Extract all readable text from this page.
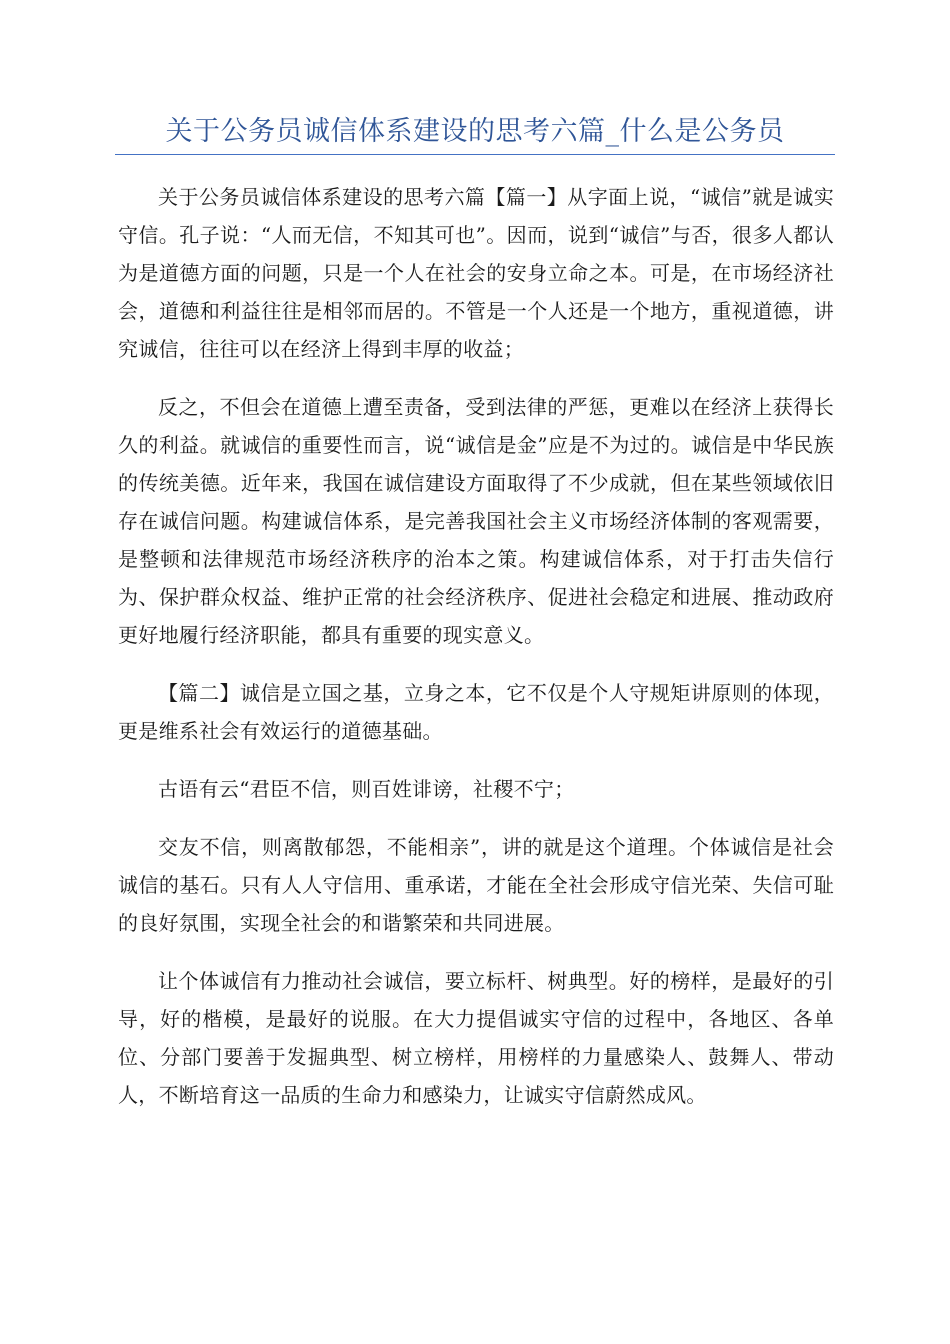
关于公务员诚信体系建设的思考六篇_什么是公务员

关于公务员诚信体系建设的思考六篇【篇一】从字面上说，“诚信”就是诚实守信。孔子说：“人而无信，不知其可也”。因而，说到“诚信”与否，很多人都认为是道德方面的问题，只是一个人在社会的安身立命之本。可是，在市场经济社会，道德和利益往往是相邻而居的。不管是一个人还是一个地方，重视道德，讲究诚信，往往可以在经济上得到丰厚的收益；

反之，不但会在道德上遭至责备，受到法律的严惩，更难以在经济上获得长久的利益。就诚信的重要性而言，说“诚信是金”应是不为过的。诚信是中华民族的传统美德。近年来，我国在诚信建设方面取得了不少成就，但在某些领域依旧存在诚信问题。构建诚信体系，是完善我国社会主义市场经济体制的客观需要，是整顿和法律规范市场经济秩序的治本之策。构建诚信体系，对于打击失信行为、保护群众权益、维护正常的社会经济秩序、促进社会稳定和进展、推动政府更好地履行经济职能，都具有重要的现实意义。

【篇二】诚信是立国之基，立身之本，它不仅是个人守规矩讲原则的体现，更是维系社会有效运行的道德基础。

古语有云“君臣不信，则百姓诽谤，社稷不宁；

交友不信，则离散郁怨，不能相亲”，讲的就是这个道理。个体诚信是社会诚信的基石。只有人人守信用、重承诺，才能在全社会形成守信光荣、失信可耻的良好氛围，实现全社会的和谐繁荣和共同进展。

让个体诚信有力推动社会诚信，要立标杆、树典型。好的榜样，是最好的引导，好的楷模，是最好的说服。在大力提倡诚实守信的过程中，各地区、各单位、分部门要善于发掘典型、树立榜样，用榜样的力量感染人、鼓舞人、带动人，不断培育这一品质的生命力和感染力，让诚实守信蔚然成风。
